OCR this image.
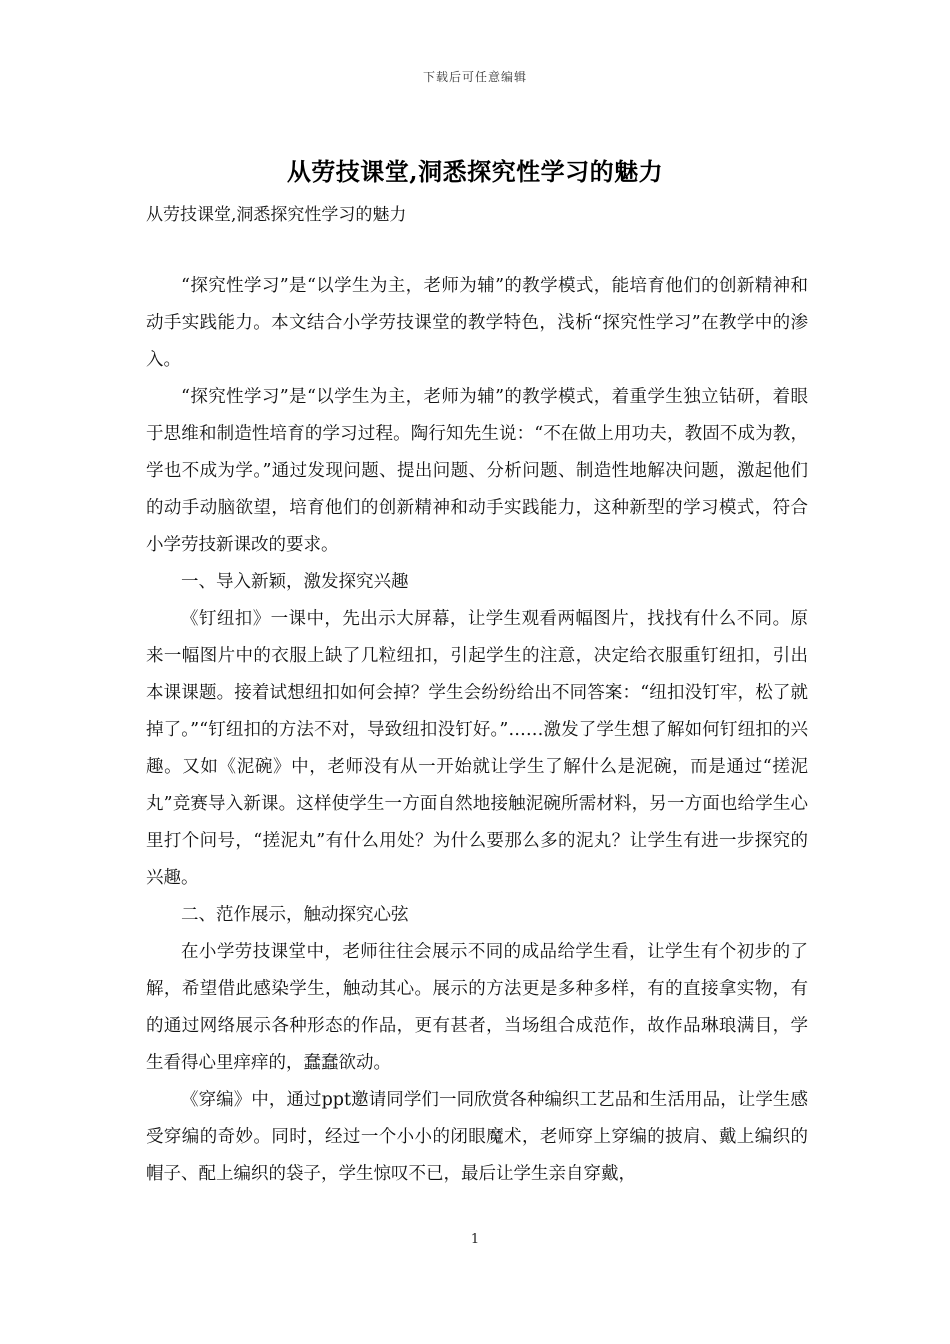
下载后可任意编辑
从劳技课堂,洞悉探究性学习的魅力
从劳技课堂,洞悉探究性学习的魅力

“探究性学习”是“以学生为主，老师为辅”的教学模式，能培育他们的创新精神和动手实践能力。本文结合小学劳技课堂的教学特色，浅析“探究性学习”在教学中的渗入。

“探究性学习”是“以学生为主，老师为辅”的教学模式，着重学生独立钻研，着眼于思维和制造性培育的学习过程。陶行知先生说：“不在做上用功夫，教固不成为教，学也不成为学。”通过发现问题、提出问题、分析问题、制造性地解决问题，激起他们的动手动脑欲望，培育他们的创新精神和动手实践能力，这种新型的学习模式，符合小学劳技新课改的要求。

一、导入新颖，激发探究兴趣

《钉纽扣》一课中，先出示大屏幕，让学生观看两幅图片，找找有什么不同。原来一幅图片中的衣服上缺了几粒纽扣，引起学生的注意，决定给衣服重钉纽扣，引出本课课题。接着试想纽扣如何会掉？学生会纷纷给出不同答案：“纽扣没钉牢，松了就掉了。”“钉纽扣的方法不对，导致纽扣没钉好。”……激发了学生想了解如何钉纽扣的兴趣。又如《泥碗》中，老师没有从一开始就让学生了解什么是泥碗，而是通过“搓泥丸”竞赛导入新课。这样使学生一方面自然地接触泥碗所需材料，另一方面也给学生心里打个问号，“搓泥丸”有什么用处？为什么要那么多的泥丸？让学生有进一步探究的兴趣。

二、范作展示，触动探究心弦

在小学劳技课堂中，老师往往会展示不同的成品给学生看，让学生有个初步的了解，希望借此感染学生，触动其心。展示的方法更是多种多样，有的直接拿实物，有的通过网络展示各种形态的作品，更有甚者，当场组合成范作，故作品琳琅满目，学生看得心里痒痒的，蠢蠢欲动。

《穿编》中，通过ppt邀请同学们一同欣赏各种编织工艺品和生活用品，让学生感受穿编的奇妙。同时，经过一个小小的闭眼魔术，老师穿上穿编的披肩、戴上编织的帽子、配上编织的袋子，学生惊叹不已，最后让学生亲自穿戴，

1
